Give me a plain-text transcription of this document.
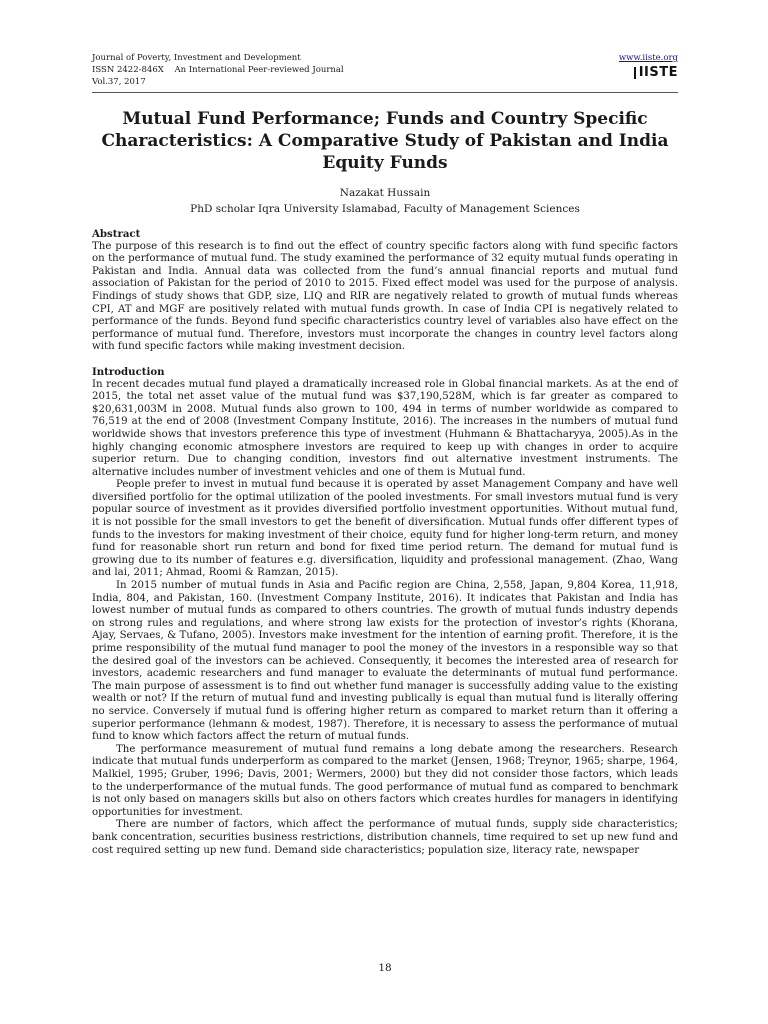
Journal of Poverty, Investment and Development
ISSN 2422-846X An International Peer-reviewed Journal
Vol.37, 2017
www.iiste.org
IISTE
Mutual Fund Performance; Funds and Country Specific Characteristics: A Comparative Study of Pakistan and India Equity Funds
Nazakat Hussain
PhD scholar Iqra University Islamabad, Faculty of Management Sciences

Abstract

The purpose of this research is to find out the effect of country specific factors along with fund specific factors on the performance of mutual fund. The study examined the performance of 32 equity mutual funds operating in Pakistan and India. Annual data was collected from the fund’s annual financial reports and mutual fund association of Pakistan for the period of 2010 to 2015. Fixed effect model was used for the purpose of analysis. Findings of study shows that GDP, size, LIQ and RIR are negatively related to growth of mutual funds whereas CPI, AT and MGF are positively related with mutual funds growth. In case of India CPI is negatively related to performance of the funds. Beyond fund specific characteristics country level of variables also have effect on the performance of mutual fund. Therefore, investors must incorporate the changes in country level factors along with fund specific factors while making investment decision.

Introduction

In recent decades mutual fund played a dramatically increased role in Global financial markets. As at the end of 2015, the total net asset value of the mutual fund was $37,190,528M, which is far greater as compared to $20,631,003M in 2008. Mutual funds also grown to 100, 494 in terms of number worldwide as compared to 76,519 at the end of 2008 (Investment Company Institute, 2016). The increases in the numbers of mutual fund worldwide shows that investors preference this type of investment (Huhmann & Bhattacharyya, 2005).As in the highly changing economic atmosphere investors are required to keep up with changes in order to acquire superior return. Due to changing condition, investors find out alternative investment instruments. The alternative includes number of investment vehicles and one of them is Mutual fund.

People prefer to invest in mutual fund because it is operated by asset Management Company and have well diversified portfolio for the optimal utilization of the pooled investments. For small investors mutual fund is very popular source of investment as it provides diversified portfolio investment opportunities. Without mutual fund, it is not possible for the small investors to get the benefit of diversification. Mutual funds offer different types of funds to the investors for making investment of their choice, equity fund for higher long-term return, and money fund for reasonable short run return and bond for fixed time period return. The demand for mutual fund is growing due to its number of features e.g. diversification, liquidity and professional management. (Zhao, Wang and lai, 2011; Ahmad, Roomi & Ramzan, 2015).

In 2015 number of mutual funds in Asia and Pacific region are China, 2,558, Japan, 9,804 Korea, 11,918, India, 804, and Pakistan, 160. (Investment Company Institute, 2016). It indicates that Pakistan and India has lowest number of mutual funds as compared to others countries. The growth of mutual funds industry depends on strong rules and regulations, and where strong law exists for the protection of investor’s rights (Khorana, Ajay, Servaes, & Tufano, 2005). Investors make investment for the intention of earning profit. Therefore, it is the prime responsibility of the mutual fund manager to pool the money of the investors in a responsible way so that the desired goal of the investors can be achieved. Consequently, it becomes the interested area of research for investors, academic researchers and fund manager to evaluate the determinants of mutual fund performance. The main purpose of assessment is to find out whether fund manager is successfully adding value to the existing wealth or not? If the return of mutual fund and investing publically is equal than mutual fund is literally offering no service. Conversely if mutual fund is offering higher return as compared to market return than it offering a superior performance (lehmann & modest, 1987). Therefore, it is necessary to assess the performance of mutual fund to know which factors affect the return of mutual funds.

The performance measurement of mutual fund remains a long debate among the researchers. Research indicate that mutual funds underperform as compared to the market (Jensen, 1968; Treynor, 1965; sharpe, 1964, Malkiel, 1995; Gruber, 1996; Davis, 2001; Wermers, 2000) but they did not consider those factors, which leads to the underperformance of the mutual funds. The good performance of mutual fund as compared to benchmark is not only based on managers skills but also on others factors which creates hurdles for managers in identifying opportunities for investment.

There are number of factors, which affect the performance of mutual funds, supply side characteristics; bank concentration, securities business restrictions, distribution channels, time required to set up new fund and cost required setting up new fund. Demand side characteristics; population size, literacy rate, newspaper

18
